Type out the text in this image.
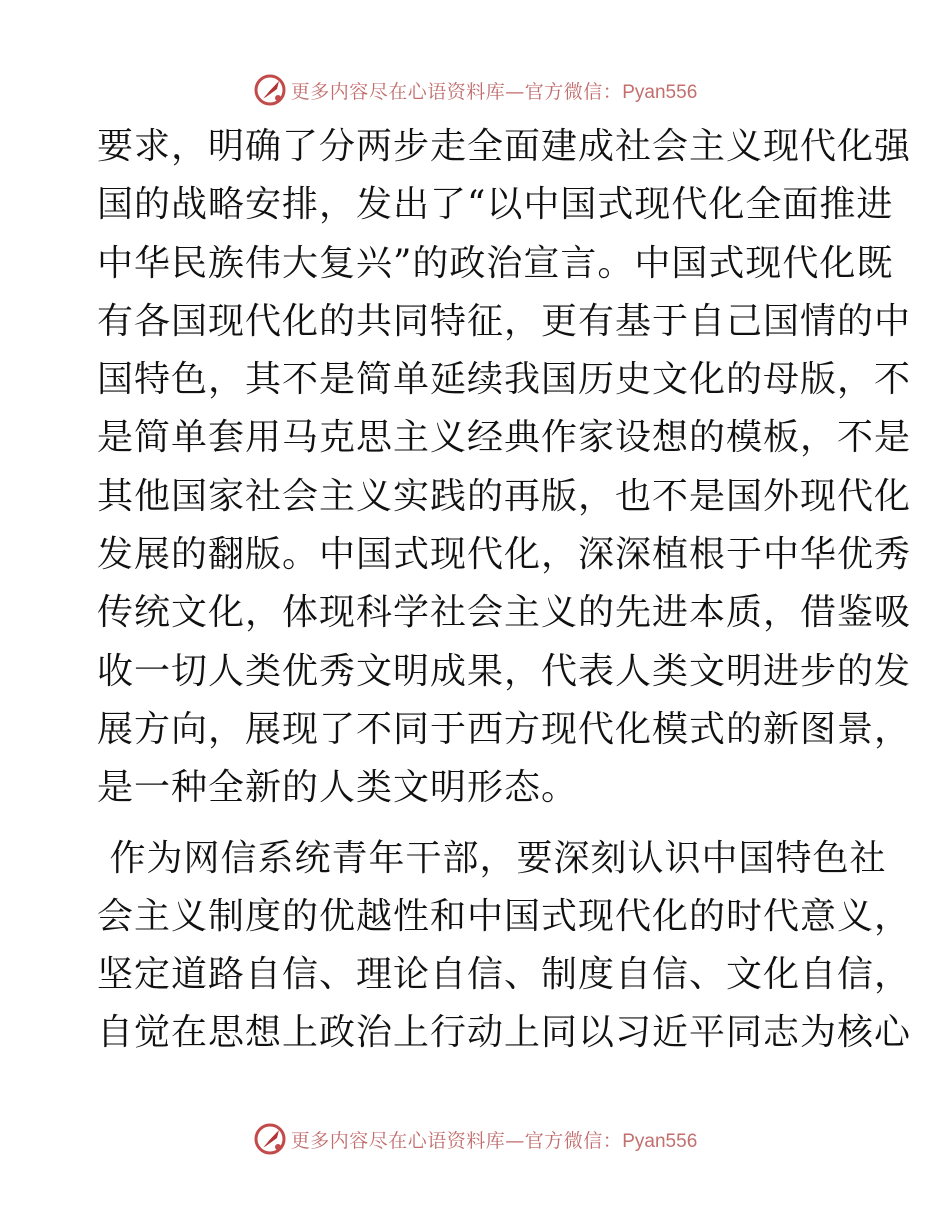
更多内容尽在心语资料库—官方微信：Pyan556

要求，明确了分两步走全面建成社会主义现代化强
国的战略安排，发出了“以中国式现代化全面推进
中华民族伟大复兴”的政治宣言。中国式现代化既
有各国现代化的共同特征，更有基于自己国情的中
国特色，其不是简单延续我国历史文化的母版，不
是简单套用马克思主义经典作家设想的模板，不是
其他国家社会主义实践的再版，也不是国外现代化
发展的翻版。中国式现代化，深深植根于中华优秀
传统文化，体现科学社会主义的先进本质，借鉴吸
收一切人类优秀文明成果，代表人类文明进步的发
展方向，展现了不同于西方现代化模式的新图景，
是一种全新的人类文明形态。

作为网信系统青年干部，要深刻认识中国特色社
会主义制度的优越性和中国式现代化的时代意义，
坚定道路自信、理论自信、制度自信、文化自信，
自觉在思想上政治上行动上同以习近平同志为核心

更多内容尽在心语资料库—官方微信：Pyan556
